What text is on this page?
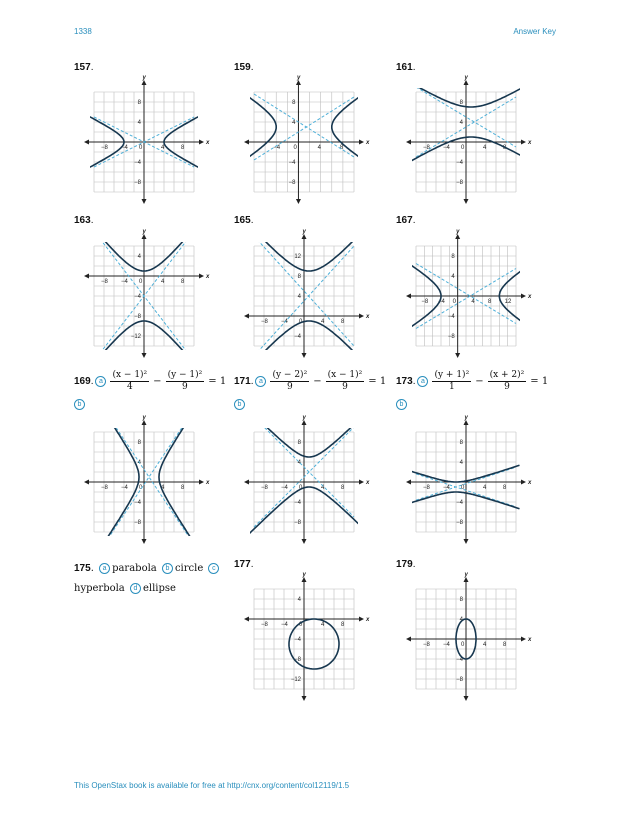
1338	Answer Key
157.	159.	161.
163.	165.	167.
169. a $\frac{\text{(x − 1)²}}{4} - \frac{\text{(y − 1)²}}{9} = 1$ 171. a $\frac{\text{(y − 2)²}}{9} - \frac{\text{(x − 1)²}}{9} = 1$ 173. a $\frac{\text{(y + 1)²}}{1} - \frac{\text{(x + 2)²}}{9} = 1$
b	b	b
175. a parabola b circle c
hyperbola d ellipse
177.	179.
x
y
−8 −4 0	4	8
8
4
−4
−8
x
y
−4 0	4	8
8
4
−4
−8
x
y
−8 −4 0	4	8
8
4
−4
−8
x
y
−8 −4 0	4	8
4
−4
−8
−12
x
y
−8 −4 0	4	8
12
8
4
−4
x
y
−8 −4 0	4 8 12
8
4
−4
−8
x
y
−8 −4 0	4	8
8
4
−4
−8
x
y
−8 −4 0	4	8
8
4
−4
−8
x
y
−8 −4 0	4	8
8
4
−4
−8
x
y
−8 −4 0	4	8
4
−4
−8
−12
x
y
−8 −4 0	4	8
8
4
−4
−8
This OpenStax book is available for free at http://cnx.org/content/col12119/1.5
